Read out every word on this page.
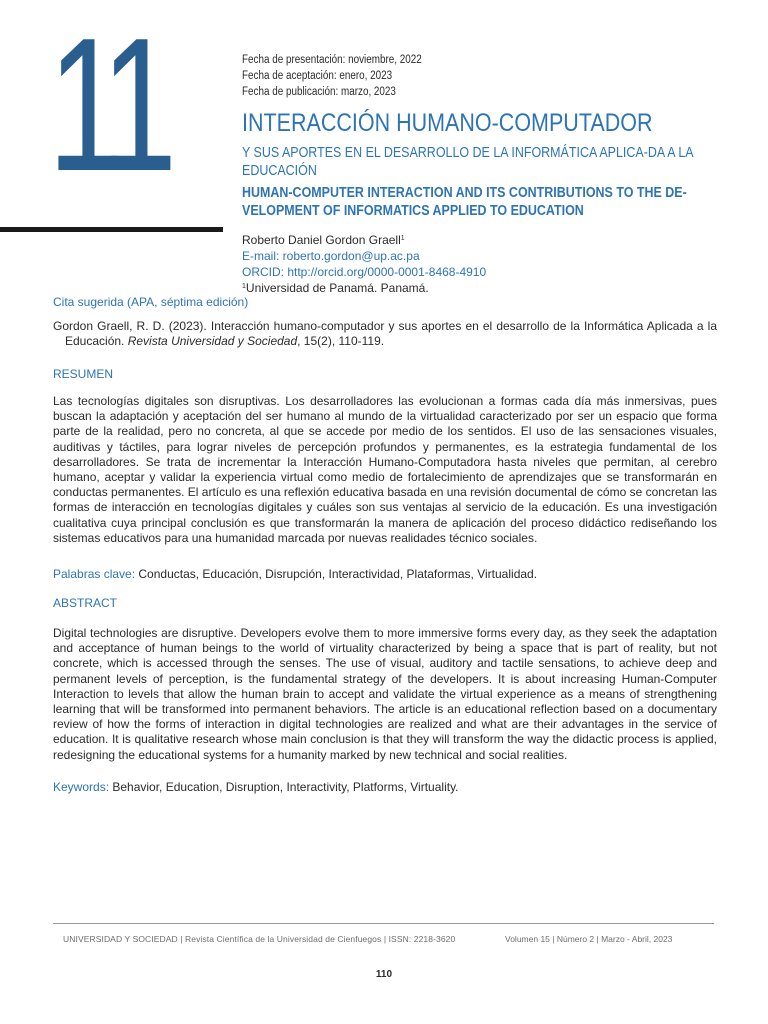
11	Fecha de presentación: noviembre, 2022
Fecha de aceptación: enero, 2023
Fecha de publicación: marzo, 2023
INTERACCIÓN HUMANO-COMPUTADOR
Y SUS APORTES EN EL DESARROLLO DE LA INFORMÁTICA APLICA-DA A LA EDUCACIÓN
HUMAN-COMPUTER INTERACTION AND ITS CONTRIBUTIONS TO THE DE-VELOPMENT OF INFORMATICS APPLIED TO EDUCATION
Roberto Daniel Gordon Graell$^1$
E-mail: roberto.gordon@up.ac.pa
ORCID: http://orcid.org/0000-0001-8468-4910
$^1$Universidad de Panamá. Panamá.
Cita sugerida (APA, séptima edición)
Gordon Graell, R. D. (2023). Interacción humano-computador y sus aportes en el desarrollo de la Informática Aplicada a la Educación. Revista Universidad y Sociedad, 15(2), 110-119.
RESUMEN
Las tecnologías digitales son disruptivas. Los desarrolladores las evolucionan a formas cada día más inmersivas, pues buscan la adaptación y aceptación del ser humano al mundo de la virtualidad caracterizado por ser un espacio que forma parte de la realidad, pero no concreta, al que se accede por medio de los sentidos. El uso de las sensaciones visuales, auditivas y táctiles, para lograr niveles de percepción profundos y permanentes, es la estrategia fundamental de los desarrolladores. Se trata de incrementar la Interacción Humano-Computadora hasta niveles que permitan, al cerebro humano, aceptar y validar la experiencia virtual como medio de fortalecimiento de aprendizajes que se transformarán en conductas permanentes. El artículo es una reflexión educativa basada en una revisión documental de cómo se concretan las formas de interacción en tecnologías digitales y cuáles son sus ventajas al servicio de la educación. Es una investigación cualitativa cuya principal conclusión es que transformarán la manera de aplicación del proceso didáctico rediseñando los sistemas educativos para una humanidad marcada por nuevas realidades técnico sociales.
Palabras clave: Conductas, Educación, Disrupción, Interactividad, Plataformas, Virtualidad.
ABSTRACT
Digital technologies are disruptive. Developers evolve them to more immersive forms every day, as they seek the adaptation and acceptance of human beings to the world of virtuality characterized by being a space that is part of reality, but not concrete, which is accessed through the senses. The use of visual, auditory and tactile sensations, to achieve deep and permanent levels of perception, is the fundamental strategy of the developers. It is about increasing Human-Computer Interaction to levels that allow the human brain to accept and validate the virtual experience as a means of strengthening learning that will be transformed into permanent behaviors. The article is an educational reflection based on a documentary review of how the forms of interaction in digital technologies are realized and what are their advantages in the service of education. It is qualitative research whose main conclusion is that they will transform the way the didactic process is applied, redesigning the educational systems for a humanity marked by new technical and social realities.
Keywords: Behavior, Education, Disruption, Interactivity, Platforms, Virtuality.
UNIVERSIDAD Y SOCIEDAD | Revista Científica de la Universidad de Cienfuegos | ISSN: 2218-3620	Volumen 15 | Número 2 | Marzo - Abril, 2023
110
